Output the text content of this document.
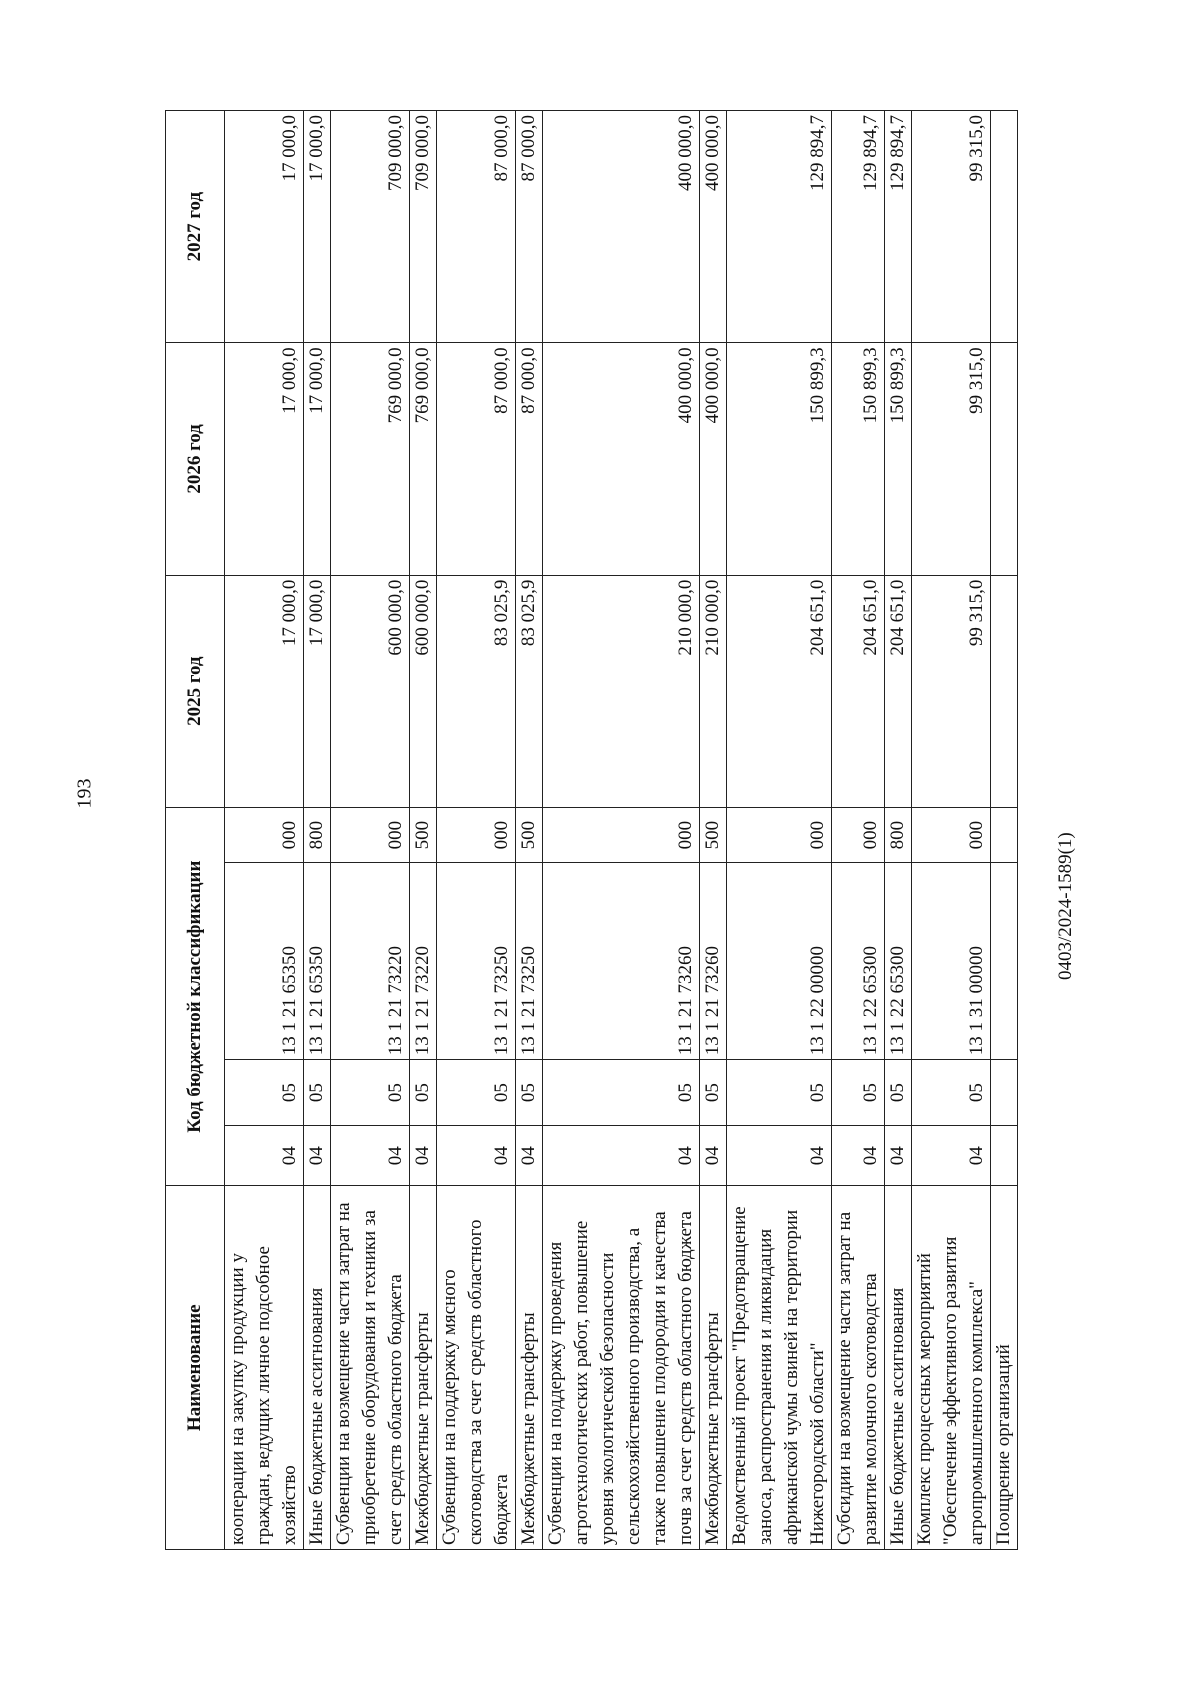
193
0403/2024-1589(1)
Наименование	Код бюджетной классификации				2025 год	2026 год	2027 год
кооперации на закупку продукции у граждан, ведущих личное подсобное хозяйство	04	05	13 1 21 65350	000	17 000,0	17 000,0	17 000,0
Иные бюджетные ассигнования	04	05	13 1 21 65350	800	17 000,0	17 000,0	17 000,0
Субвенции на возмещение части затрат на приобретение оборудования и техники за счет средств областного бюджета	04	05	13 1 21 73220	000	600 000,0	769 000,0	709 000,0
Межбюджетные трансферты	04	05	13 1 21 73220	500	600 000,0	769 000,0	709 000,0
Субвенции на поддержку мясного скотоводства за счет средств областного бюджета	04	05	13 1 21 73250	000	83 025,9	87 000,0	87 000,0
Межбюджетные трансферты	04	05	13 1 21 73250	500	83 025,9	87 000,0	87 000,0
Субвенции на поддержку проведения агротехнологических работ, повышение уровня экологической безопасности сельскохозяйственного производства, а также повышение плодородия и качества почв за счет средств областного бюджета	04	05	13 1 21 73260	000	210 000,0	400 000,0	400 000,0
Межбюджетные трансферты	04	05	13 1 21 73260	500	210 000,0	400 000,0	400 000,0
Ведомственный проект "Предотвращение заноса, распространения и ликвидация африканской чумы свиней на территории Нижегородской области"	04	05	13 1 22 00000	000	204 651,0	150 899,3	129 894,7
Субсидии на возмещение части затрат на развитие молочного скотоводства	04	05	13 1 22 65300	000	204 651,0	150 899,3	129 894,7
Иные бюджетные ассигнования	04	05	13 1 22 65300	800	204 651,0	150 899,3	129 894,7
Комплекс процессных мероприятий "Обеспечение эффективного развития агропромышленного комплекса"	04	05	13 1 31 00000	000	99 315,0	99 315,0	99 315,0
Поощрение организаций							
